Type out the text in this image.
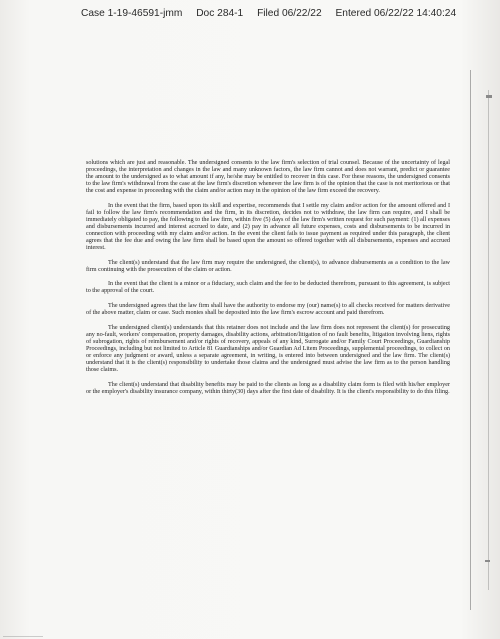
Case 1-19-46591-jmm Doc 284-1 Filed 06/22/22 Entered 06/22/22 14:40:24

solutions which are just and reasonable. The undersigned consents to the law firm's selection of trial counsel. Because of the uncertainty of legal proceedings, the interpretation and changes in the law and many unknown factors, the law firm cannot and does not warrant, predict or guarantee the amount to the undersigned as to what amount if any, he/she may be entitled to recover in this case. For these reasons, the undersigned consents to the law firm's withdrawal from the case at the law firm's discretion whenever the law firm is of the opinion that the case is not meritorious or that the cost and expense in proceeding with the claim and/or action may in the opinion of the law firm exceed the recovery.

In the event that the firm, based upon its skill and expertise, recommends that I settle my claim and/or action for the amount offered and I fail to follow the law firm's recommendation and the firm, in its discretion, decides not to withdraw, the law firm can require, and I shall be immediately obligated to pay, the following to the law firm, within five (5) days of the law firm's written request for such payment: (1) all expenses and disbursements incurred and interest accrued to date, and (2) pay in advance all future expenses, costs and disbursements to be incurred in connection with proceeding with my claim and/or action. In the event the client fails to issue payment as required under this paragraph, the client agrees that the fee due and owing the law firm shall be based upon the amount so offered together with all disbursements, expenses and accrued interest.

The client(s) understand that the law firm may require the undersigned, the client(s), to advance disbursements as a condition to the law firm continuing with the prosecution of the claim or action.

In the event that the client is a minor or a fiduciary, such claim and the fee to be deducted therefrom, pursuant to this agreement, is subject to the approval of the court.

The undersigned agrees that the law firm shall have the authority to endorse my (our) name(s) to all checks received for matters derivative of the above matter, claim or case. Such monies shall be deposited into the law firm's escrow account and paid therefrom.

The undersigned client(s) understands that this retainer does not include and the law firm does not represent the client(s) for prosecuting any no-fault, workers' compensation, property damages, disability actions, arbitration/litigation of no fault benefits, litigation involving liens, rights of subrogation, rights of reimbursement and/or rights of recovery, appeals of any kind, Surrogate and/or Family Court Proceedings, Guardianship Proceedings, including but not limited to Article 81 Guardianships and/or Guardian Ad Litem Proceedings, supplemental proceedings, to collect on or enforce any judgment or award, unless a separate agreement, in writing, is entered into between undersigned and the law firm. The client(s) understand that it is the client(s) responsibility to undertake those claims and the undersigned must advise the law firm as to the person handling those claims.

The client(s) understand that disability benefits may be paid to the clients as long as a disability claim form is filed with his/her employer or the employer's disability insurance company, within thirty(30) days after the first date of disability. It is the client's responsibility to do this filing.
